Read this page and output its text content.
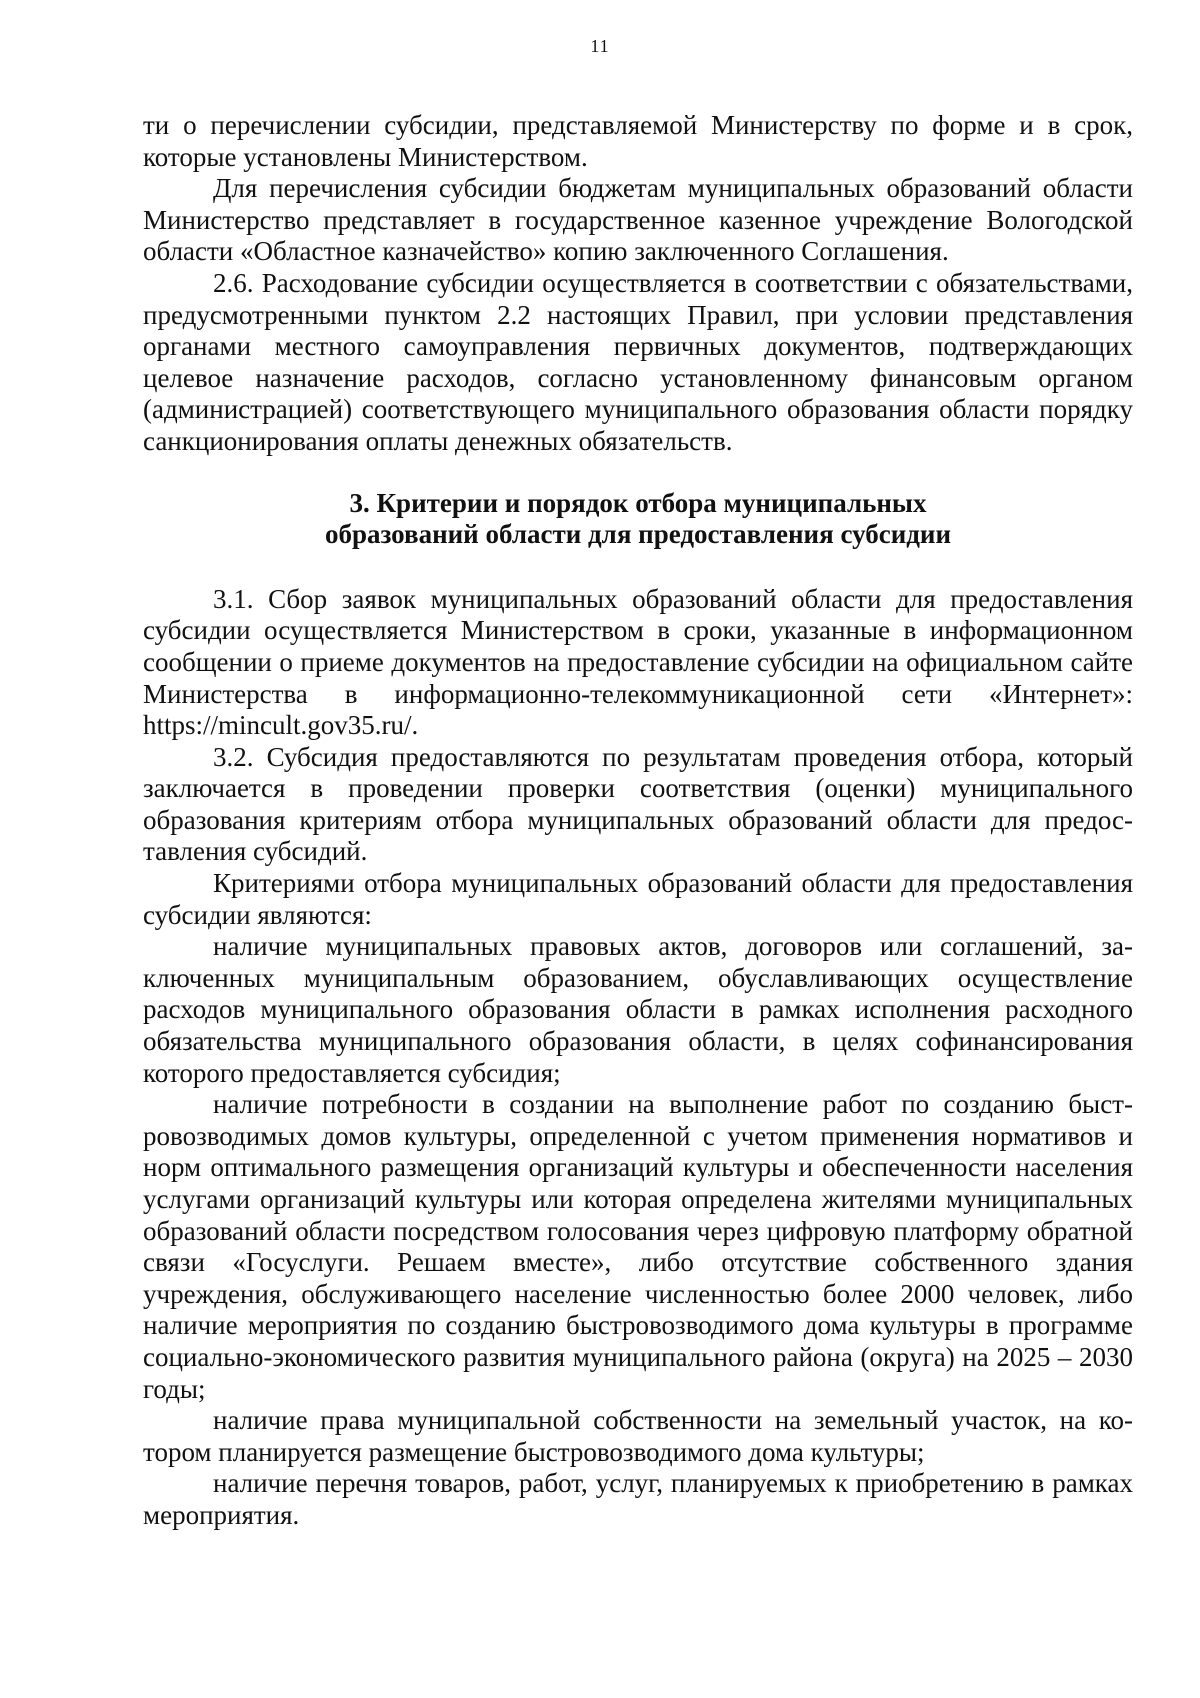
11

ти о перечислении субсидии, представляемой Министерству по форме и в срок, которые установлены Министерством.

Для перечисления субсидии бюджетам муниципальных образований области Министерство представляет в государственное казенное учреждение Вологодской области «Областное казначейство» копию заключенного Соглашения.

2.6. Расходование субсидии осуществляется в соответствии с обязательствами, предусмотренными пунктом 2.2 настоящих Правил, при условии представления органами местного самоуправления первичных документов, подтверждающих целевое назначение расходов, согласно установленному финансовым органом (администрацией) соответствующего муниципального образования области порядку санкционирования оплаты денежных обязательств.

3. Критерии и порядок отбора муниципальных
образований области для предоставления субсидии

3.1. Сбор заявок муниципальных образований области для предоставления субсидии осуществляется Министерством в сроки, указанные в информационном сообщении о приеме документов на предоставление субсидии на официальном сайте Министерства в информационно-телекоммуникационной сети «Интернет»: https://mincult.gov35.ru/.

3.2. Субсидия предоставляются по результатам проведения отбора, который заключается в проведении проверки соответствия (оценки) муниципального образования критериям отбора муниципальных образований области для предоставления субсидий.

Критериями отбора муниципальных образований области для предоставления субсидии являются:

наличие муниципальных правовых актов, договоров или соглашений, заключенных муниципальным образованием, обуславливающих осуществление расходов муниципального образования области в рамках исполнения расходного обязательства муниципального образования области, в целях софинансирования которого предоставляется субсидия;

наличие потребности в создании на выполнение работ по созданию быстровозводимых домов культуры, определенной с учетом применения нормативов и норм оптимального размещения организаций культуры и обеспеченности населения услугами организаций культуры или которая определена жителями муниципальных образований области посредством голосования через цифровую платформу обратной связи «Госуслуги. Решаем вместе», либо отсутствие собственного здания учреждения, обслуживающего население численностью более 2000 человек, либо наличие мероприятия по созданию быстровозводимого дома культуры в программе социально-экономического развития муниципального района (округа) на 2025 – 2030 годы;

наличие права муниципальной собственности на земельный участок, на котором планируется размещение быстровозводимого дома культуры;

наличие перечня товаров, работ, услуг, планируемых к приобретению в рамках мероприятия.
